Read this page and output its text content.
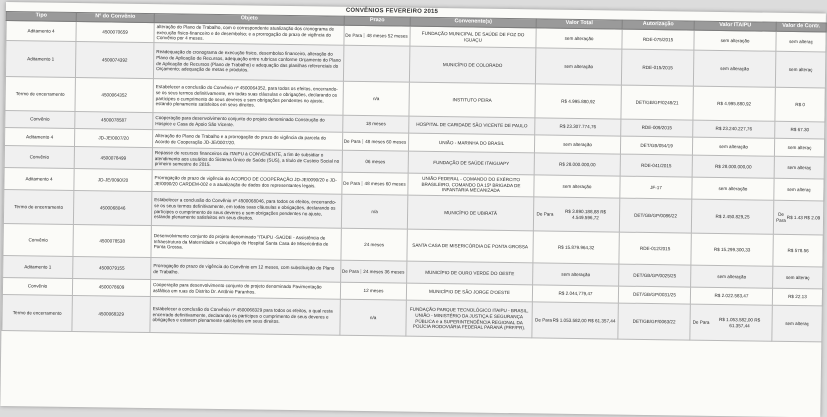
CONVÊNIOS FEVEREIRO 2015
Tipo	Nº do Convênio	Objeto	Prazo	Convenente(s)	Valor Total	Autorização	Valor ITAIPU	Valor de Contr.
Aditamento 4	4500070659	alteração do Plano de Trabalho, com o correspondente atualização dos cronograma de execução físico-financeiro e de desembolso; e a prorrogação do prazo de vigência do Convênio por 4 meses.	De Para 48 meses 52 meses	FUNDAÇÃO MUNICIPAL DE SAÚDE DE FOZ DO IGUAÇU	sem alteração	RDE-075/2015	sem alteração	sem alteraç
Aditamento 1	4500074392	Readequação do cronograma de execução físico, desembolso financeiro, alteração do Plano de Aplicação de Recursos, adequação entre rubricas conforme Orçamento do Plano de Aplicação de Recursos (Plano de Trabalho) e adequação das planilhas referenciais do Orçamento; adequação de metas e produtos.		MUNICÍPIO DE COLORADO	sem alteração	RDE-015/2015	sem alteração	sem alteraç
Termo de encerramento	4500064352	Estabelecer a conclusão do Convênio nº 4500064352, para todos os efeitos, encerrando-se os seus termos definitivamente, em todas suas cláusulas e obrigações, declarando os partícipes o cumprimento de seus deveres e sem obrigações pendentes no ajuste, estando plenamente satisfeitos em seus direitos.	n/a	INSTITUTO PEIRA	R$ 4.995.880,92	DET/GB/GP/0248/21	R$ 4.995.880,92	R$ 0
Convênio	4500078587	Cooperação para desenvolvimento conjunto do projeto denominado Construção do Hospice e Casa de Apoio São Vicente.	18 meses	HOSPITAL DE CARIDADE SÃO VICENTE DE PAULO	R$ 23.307.774,76	RDE-009/2015	R$ 23.240.227,76	R$ 67.30
Aditamento 4	JD-JE/0007/20	Alteração do Plano de Trabalho e a prorrogação do prazo de vigência da parcela do Acordo de Cooperação JD-JE/0007/20.	De Para 48 meses 60 meses	UNIÃO - MARINHA DO BRASIL	sem alteração	DET/GB/054/19	sem alteração	sem alteraç
Convênio	4500078499	Repasse de recursos financeiros da ITAIPU à CONVENENTE, a fim de subsidiar o atendimento aos usuários do Sistema Único de Saúde (SUS), a título de Custeio Social no primeiro semestre de 2015.	06 meses	FUNDAÇÃO DE SAÚDE ITAIGUAPY	R$ 28.000.000,00	RDE-041/2015	R$ 28.000.000,00	sem alteraç
Aditamento 4	JD-JE/0090/20	Prorrogação do prazo de vigência do ACORDO DE COOPERAÇÃO JD-JE/0090/20 e JD-JE/0090/20 CARDEM-002 e a atualização de dados dos representantes legais.	De Para 48 meses 60 meses	UNIÃO FEDERAL - COMANDO DO EXÉRCITO BRASILEIRO, COMANDO DA 15ª BRIGADA DE INFANTARIA MECANIZADA	sem alteração	JF-17	sem alteração	sem alteraç
Termo de encerramento	4500068046	Estabelecer a conclusão do Convênio nº 4500068046, para todos os efeitos, encerrando-se os seus termos definitivamente, em todas suas cláusulas e obrigações, declarando os partícipes o cumprimento de seus deveres e sem obrigações pendentes no ajuste, estando plenamente satisfeitos em seus direitos.	n/a	MUNICÍPIO DE UBIRATÃ	De Para R$ 3.890.188,88 R$ 4.549.596,72	DET/GB/GP/0086/22	R$ 2.450.829,25	De Para R$ 1.43 R$ 2.09

Convênio	4500078538	Desenvolvimento conjunto do projeto denominado "ITAIPU -SAÚDE - Assistência de Infraestrutura da Maternidade e Oncologia do Hospital Santa Casa de Misericórdia de Ponta Grossa.	24 meses	SANTA CASA DE MISERICÓRDIA DE PONTA GROSSA	R$ 15.879.964,32	RDE-012/2015	R$ 15.299.300,33	R$ 578.56
Aditamento 1	4500079155	Prorrogação do prazo de vigência do Convênio em 12 meses, com substituição do Plano de Trabalho.	De Para 24 meses 36 meses	MUNICÍPIO DE OURO VERDE DO OESTE	sem alteração	DET/GB/GP/0025/25	sem alteração	sem alteraç
Convênio	4500078609	Cooperação para desenvolvimento conjunto do projeto denominado Pavimentação asfáltica em ruas do Distrito Dr. Antônio Paranhos.	12 meses	MUNICÍPIO DE SÃO JORGE D'OESTE	R$ 2.044,779,47	DET/GB/GP/0031/25	R$ 2.022.583,47	R$ 22.13
Termo de encerramento	4500068329	Estabelecer a conclusão do Convênio nº 4500068329 para todos os efeitos, o qual resta encerrado definitivamente, declarando os partícipes o cumprimento de seus deveres e obrigações e estarem plenamente satisfeitos em seus direitos.	n/a	FUNDAÇÃO PARQUE TECNOLÓGICO ITAIPU - BRASIL, UNIÃO - MINISTÉRIO DA JUSTIÇA E SEGURANÇA PÚBLICA e a SUPERINTENDÊNCIA REGIONAL DA POLÍCIA RODOVIÁRIA FEDERAL PARANÁ (PRF/PR).	De Para R$ 1.053.582,00 R$ 61.357,44	DET/GB/GP/0063/22	De Para R$ 1.053.582,00 R$ 61.357,44	sem alteraç
